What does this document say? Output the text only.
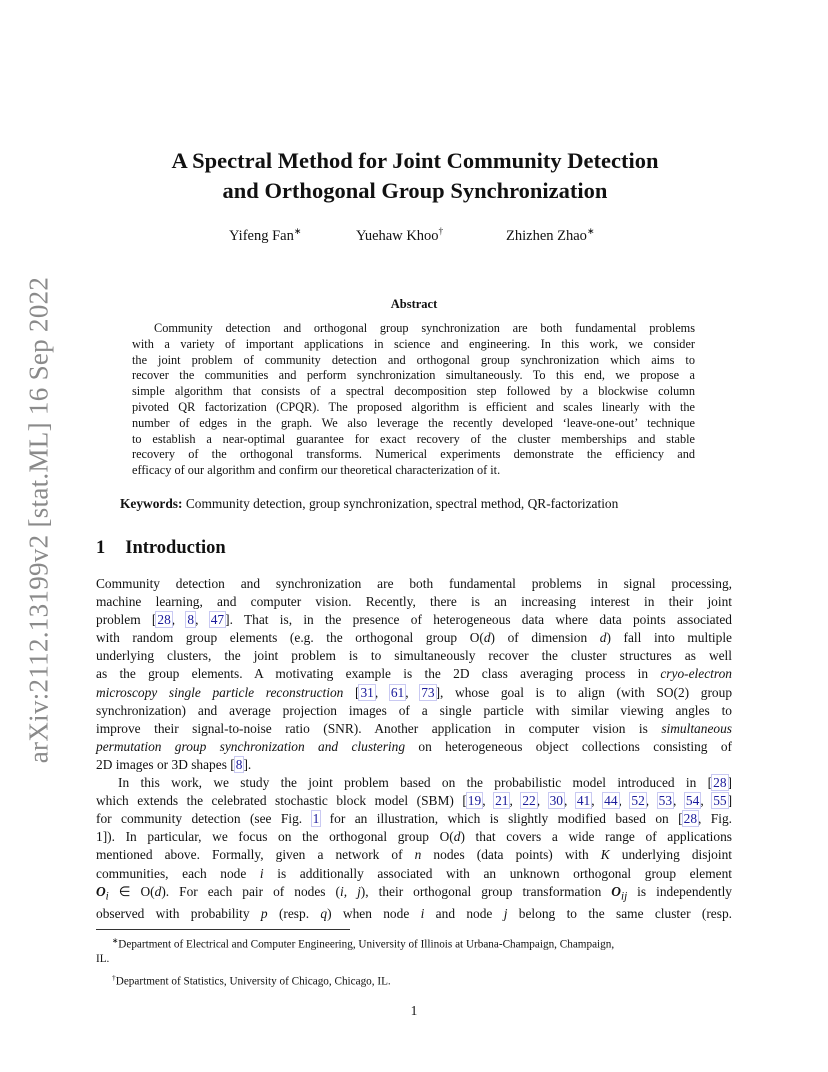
arXiv:2112.13199v2 [stat.ML] 16 Sep 2022
A Spectral Method for Joint Community Detection
and Orthogonal Group Synchronization
Yifeng Fan∗	Yuehaw Khoo†	Zhizhen Zhao∗
Abstract
Community detection and orthogonal group synchronization are both fundamental problems
with a variety of important applications in science and engineering. In this work, we consider
the joint problem of community detection and orthogonal group synchronization which aims to
recover the communities and perform synchronization simultaneously. To this end, we propose a
simple algorithm that consists of a spectral decomposition step followed by a blockwise column
pivoted QR factorization (CPQR). The proposed algorithm is efficient and scales linearly with the
number of edges in the graph. We also leverage the recently developed ‘leave-one-out’ technique
to establish a near-optimal guarantee for exact recovery of the cluster memberships and stable
recovery of the orthogonal transforms. Numerical experiments demonstrate the efficiency and
efficacy of our algorithm and confirm our theoretical characterization of it.
Keywords: Community detection, group synchronization, spectral method, QR-factorization
1 Introduction
Community detection and synchronization are both fundamental problems in signal processing,
machine learning, and computer vision. Recently, there is an increasing interest in their joint
problem [28, 8, 47]. That is, in the presence of heterogeneous data where data points associated
with random group elements (e.g. the orthogonal group O(d) of dimension d) fall into multiple
underlying clusters, the joint problem is to simultaneously recover the cluster structures as well
as the group elements. A motivating example is the 2D class averaging process in cryo-electron
microscopy single particle reconstruction [31, 61, 73], whose goal is to align (with SO(2) group
synchronization) and average projection images of a single particle with similar viewing angles to
improve their signal-to-noise ratio (SNR). Another application in computer vision is simultaneous
permutation group synchronization and clustering on heterogeneous object collections consisting of
2D images or 3D shapes [8].
In this work, we study the joint problem based on the probabilistic model introduced in [28]
which extends the celebrated stochastic block model (SBM) [19, 21, 22, 30, 41, 44, 52, 53, 54, 55]
for community detection (see Fig. 1 for an illustration, which is slightly modified based on [28, Fig.
1]). In particular, we focus on the orthogonal group O(d) that covers a wide range of applications
mentioned above. Formally, given a network of n nodes (data points) with K underlying disjoint
communities, each node i is additionally associated with an unknown orthogonal group element
$O_i$ ∈ O(d). For each pair of nodes (i, j), their orthogonal group transformation $O_{ij}$ is independently
observed with probability p (resp. q) when node i and node j belong to the same cluster (resp.
∗Department of Electrical and Computer Engineering, University of Illinois at Urbana-Champaign, Champaign,
IL.
†Department of Statistics, University of Chicago, Chicago, IL.
1
